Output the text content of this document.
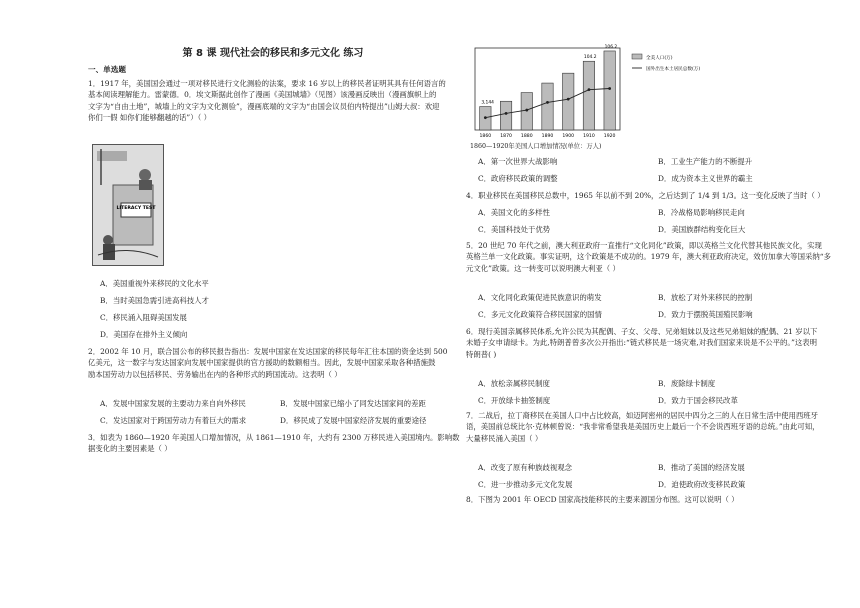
第 8 课 现代社会的移民和多元文化 练习
一、单选题
1．1917 年，美国国会通过一项对移民进行文化测验的法案，要求 16 岁以上的移民者证明其具有任何语言的
基本阅读理解能力。雷蒙德．0．埃文斯据此创作了漫画《美国城墙》（见图）该漫画反映出（漫画旗帜上的
文字为“自由土地”，城墙上的文字为文化测验”，漫画底端的文字为“由国会议员伯内特提出”山姆大叔：欢迎
你们一假 如你们能够翻越的话”）（ ）
LITERACY TEST
A．美国重视外来移民的文化水平
B．当时美国急需引进高科技人才
C．移民涌入阻碍美国发展
D．美国存在排外主义倾向
2．2002 年 10 月，联合国公布的移民报告指出：发展中国家在发达国家的移民每年汇往本国的资金达到 500
亿美元，这一数字与发达国家向发展中国家提供的官方援助的数额相当。因此，发展中国家采取各种措施鼓
励本国劳动力以包括移民、劳务输出在内的各种形式的跨国流动。这表明（ ）
A．发展中国家发展的主要动力来自向外移民	B．发展中国家已缩小了同发达国家间的差距
C．发达国家对于跨国劳动力有着巨大的需求	D．移民成了发展中国家经济发展的重要途径
3．如表为 1860—1920 年美国人口增加情况，从 1861—1910 年，大约有 2300 万移民进入美国境内。影响数
据变化的主要因素是（ ）
1860 1870 1880 1890 1900 1910 1920
3,144
104.2
106.2
全美人口(万)
国外出生本土居民总数(万)
1860—1920年美国人口增加情况(单位：万人)
A．第一次世界大战影响	B．工业生产能力的不断提升
C．政府移民政策的调整	D．成为资本主义世界的霸主
4．职业移民在美国移民总数中，1965 年以前不到 20%，之后达到了 1/4 到 1/3。这一变化反映了当时（ ）
A．美国文化的多样性	B．冷战格局影响移民走向
C．美国科技处于优势	D．美国族群结构变化巨大
5．20 世纪 70 年代之前，澳大利亚政府一直推行“文化同化”政策，即以英格兰文化代替其他民族文化，实现
英格兰单一文化政策。事实证明，这个政策是不成功的。1979 年，澳大利亚政府决定，效仿加拿大等国采纳“多
元文化”政策。这一转变可以说明澳大利亚（ ）
A．文化同化政策促进民族意识的萌发	B．放松了对外来移民的控制
C．多元文化政策符合移民国家的国情	D．致力于摆脱英国殖民影响
6．现行美国亲属移民体系,允许公民为其配偶、子女、父母、兄弟姐妹以及这些兄弟姐妹的配偶、21 岁以下
未婚子女申请绿卡。为此,特朗普曾多次公开指出:“链式移民是一场灾难,对我们国家来说是不公平的。”这表明
特朗普( )
A．放松亲属移民制度	B．废除绿卡制度
C．开放绿卡抽签制度	D．致力于国会移民改革
7．二战后，拉丁裔移民在美国人口中占比较高，如迈阿密州的居民中四分之三的人在日常生活中使用西班牙
语，美国前总统比尔·克林顿曾说：“我非常希望我是美国历史上最后一个不会说西班牙语的总统。”由此可知，
大量移民涌入美国（ ）
A．改变了原有种族歧视观念	B．推动了美国的经济发展
C．进一步推动多元文化发展	D．迫使政府改变移民政策
8．下图为 2001 年 OECD 国家高技能移民的主要来源国分布图。这可以说明（ ）
